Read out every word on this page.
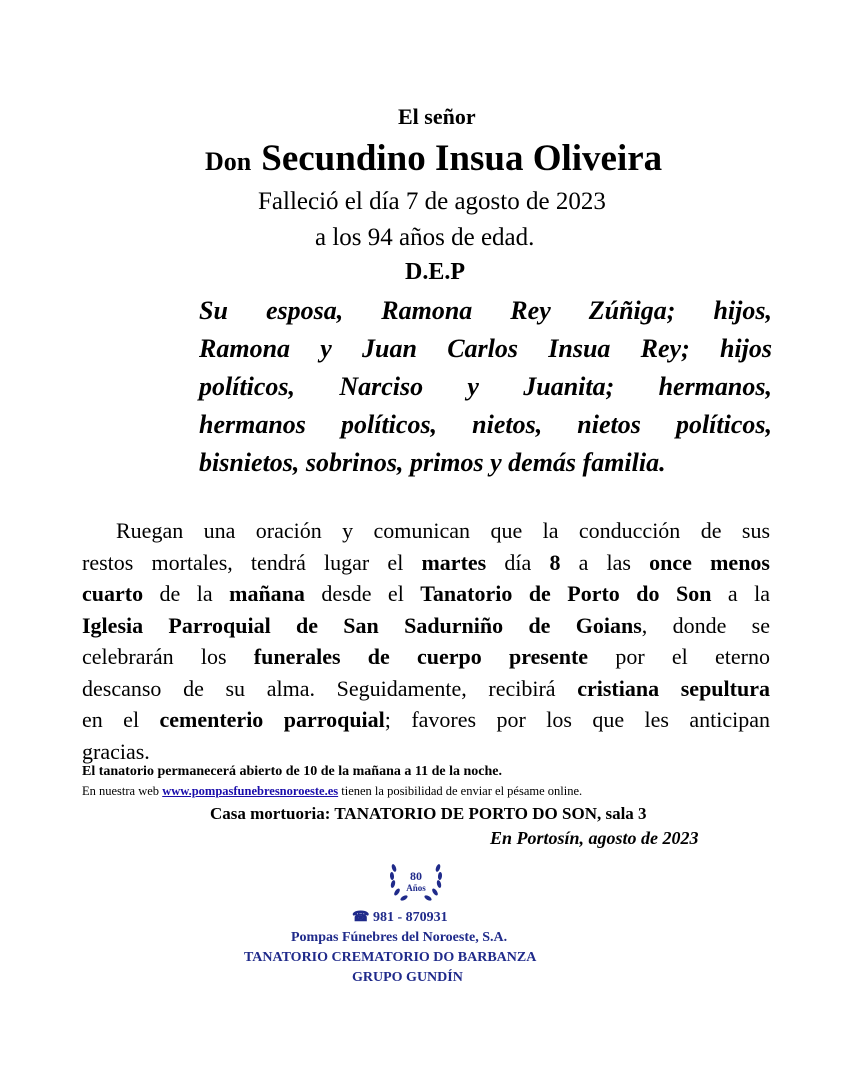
El señor
Don Secundino Insua Oliveira
Falleció el día 7 de agosto de 2023
a los 94 años de edad.
D.E.P
Su esposa, Ramona Rey Zúñiga; hijos,
Ramona y Juan Carlos Insua Rey; hijos
políticos, Narciso y Juanita; hermanos,
hermanos políticos, nietos, nietos políticos,
bisnietos, sobrinos, primos y demás familia.
Ruegan una oración y comunican que la conducción de sus
restos mortales, tendrá lugar el martes día 8 a las once menos
cuarto de la mañana desde el Tanatorio de Porto do Son a la
Iglesia Parroquial de San Sadurniño de Goians, donde se
celebrarán los funerales de cuerpo presente por el eterno
descanso de su alma. Seguidamente, recibirá cristiana sepultura
en el cementerio parroquial; favores por los que les anticipan
gracias.
El tanatorio permanecerá abierto de 10 de la mañana a 11 de la noche.
En nuestra web www.pompasfunebresnoroeste.es tienen la posibilidad de enviar el pésame online.
Casa mortuoria: TANATORIO DE PORTO DO SON, sala 3
En Portosín, agosto de 2023
80
Años
☎ 981 - 870931
Pompas Fúnebres del Noroeste, S.A.
TANATORIO CREMATORIO DO BARBANZA
GRUPO GUNDÍN
